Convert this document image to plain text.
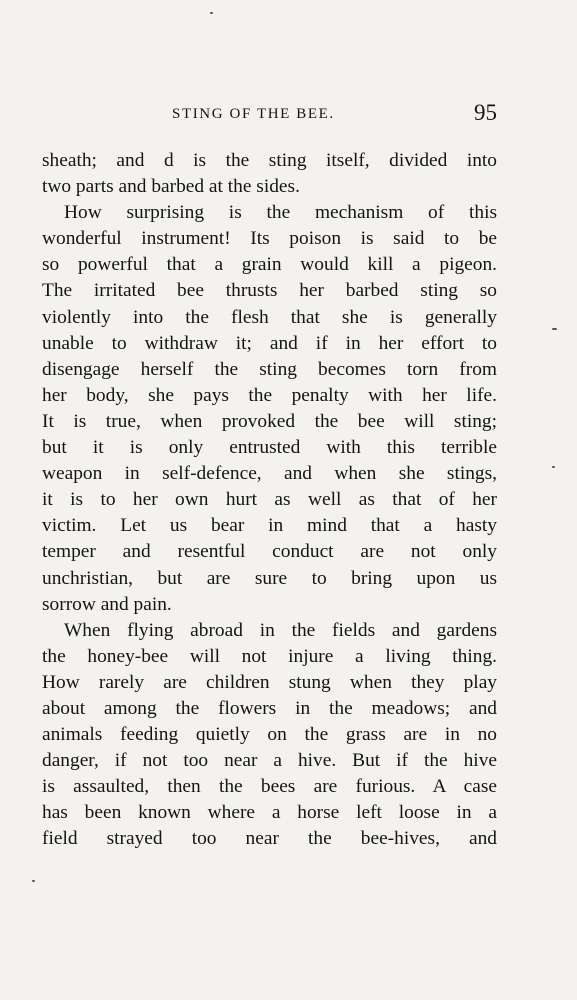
STING OF THE BEE.	95
sheath; and d is the sting itself, divided into
two parts and barbed at the sides.
How surprising is the mechanism of this
wonderful instrument! Its poison is said to be
so powerful that a grain would kill a pigeon.
The irritated bee thrusts her barbed sting so
violently into the flesh that she is generally
unable to withdraw it; and if in her effort to
disengage herself the sting becomes torn from
her body, she pays the penalty with her life.
It is true, when provoked the bee will sting;
but it is only entrusted with this terrible
weapon in self-defence, and when she stings,
it is to her own hurt as well as that of her
victim. Let us bear in mind that a hasty
temper and resentful conduct are not only
unchristian, but are sure to bring upon us
sorrow and pain.
When flying abroad in the fields and gardens
the honey-bee will not injure a living thing.
How rarely are children stung when they play
about among the flowers in the meadows; and
animals feeding quietly on the grass are in no
danger, if not too near a hive. But if the hive
is assaulted, then the bees are furious. A case
has been known where a horse left loose in a
field strayed too near the bee-hives, and
